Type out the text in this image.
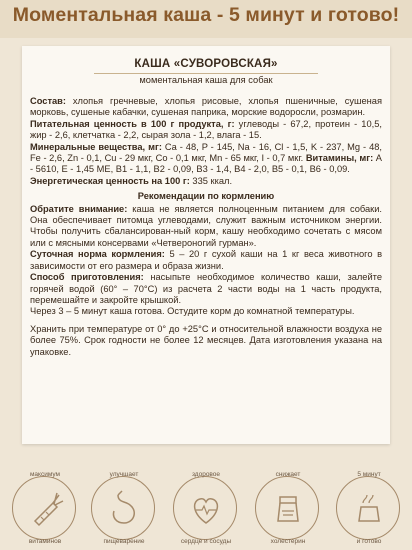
Моментальная каша - 5 минут и готово!
КАША «СУВОРОВСКАЯ»
моментальная каша для собак

Состав: хлопья гречневые, хлопья рисовые, хлопья пшеничные, сушеная морковь, сушеные кабачки, сушеная паприка, морские водоросли, розмарин.

Питательная ценность в 100 г продукта, г: углеводы - 67,2, протеин - 10,5, жир - 2,6, клетчатка - 2,2, сырая зола - 1,2, влага - 15.

Минеральные вещества, мг: Ca - 48, P - 145, Na - 16, Cl - 1,5, K - 237, Mg - 48, Fe - 2,6, Zn - 0,1, Cu - 29 мкг, Co - 0,1 мкг, Mn - 65 мкг, I - 0,7 мкг. Витамины, мг: A - 5610, E - 1,45 ME, B1 - 1,1, B2 - 0,09, B3 - 1,4, B4 - 2,0, B5 - 0,1, B6 - 0,09.

Энергетическая ценность на 100 г: 335 ккал.

Рекомендации по кормлению

Обратите внимание: каша не является полноценным питанием для собаки. Она обеспечивает питомца углеводами, служит важным источником энергии. Чтобы получить сбалансирован-ный корм, кашу необходимо сочетать с мясом или с мясными консервами «Четвероногий гурман».

Суточная норма кормления: 5 – 20 г сухой каши на 1 кг веса животного в зависимости от его размера и образа жизни.

Способ приготовления: насыпьте необходимое количество каши, залейте горячей водой (60° – 70°С) из расчета 2 части воды на 1 часть продукта, перемешайте и закройте крышкой.

Через 3 – 5 минут каша готова. Остудите корм до комнатной температуры.

Хранить при температуре от 0° до +25°С и относительной влажности воздуха не более 75%. Срок годности не более 12 месяцев. Дата изготовления указана на упаковке.

максимум
витаминов
улучшает
пищеварение
здоровое
сердце и сосуды
снижает
холестерин
5 минут
и готово
